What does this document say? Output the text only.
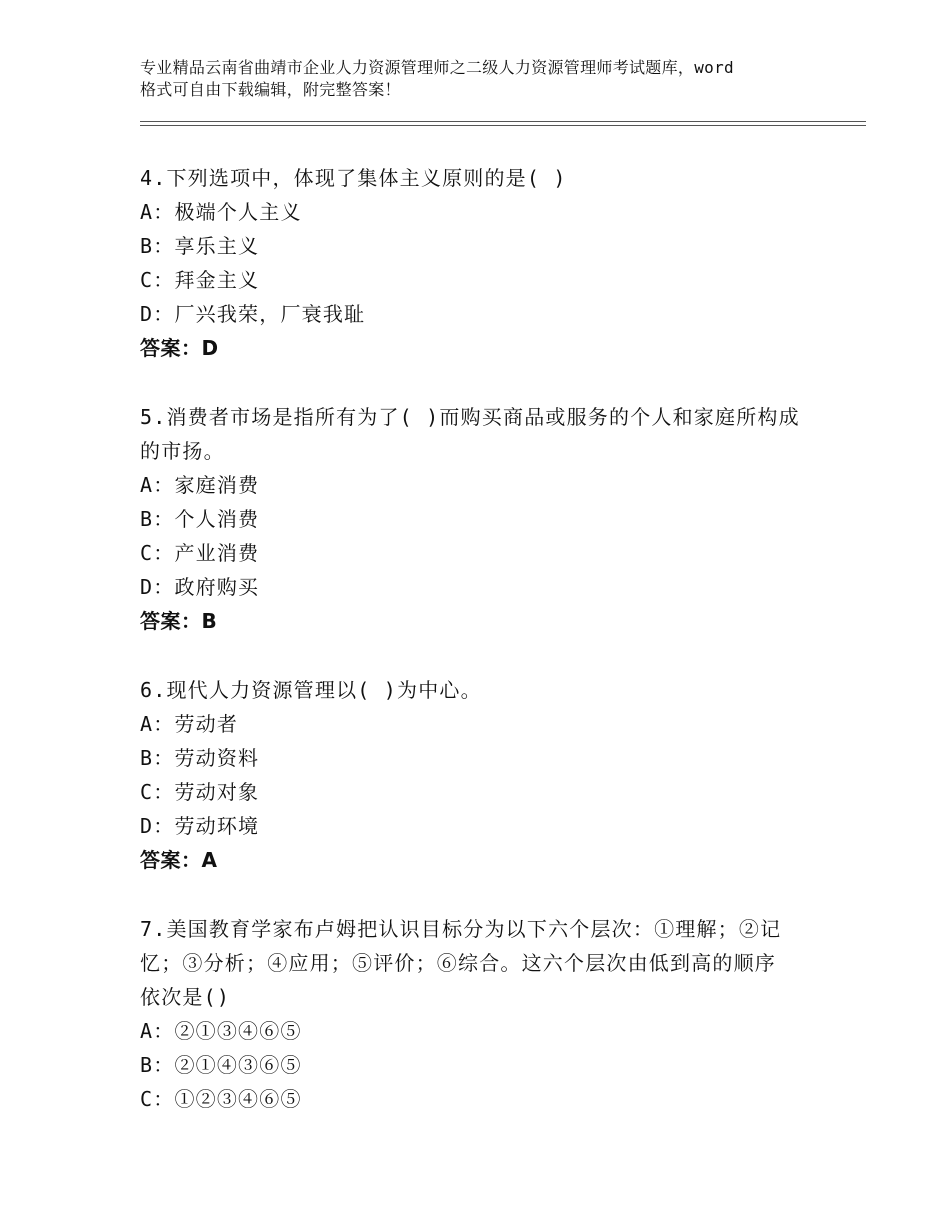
专业精品云南省曲靖市企业人力资源管理师之二级人力资源管理师考试题库，word
格式可自由下载编辑，附完整答案！
4.下列选项中，体现了集体主义原则的是( )
A：极端个人主义
B：享乐主义
C：拜金主义
D：厂兴我荣，厂衰我耻
答案：D
5.消费者市场是指所有为了( )而购买商品或服务的个人和家庭所构成
的市扬。
A：家庭消费
B：个人消费
C：产业消费
D：政府购买
答案：B
6.现代人力资源管理以( )为中心。
A：劳动者
B：劳动资料
C：劳动对象
D：劳动环境
答案：A
7.美国教育学家布卢姆把认识目标分为以下六个层次：①理解；②记
忆；③分析；④应用；⑤评价；⑥综合。这六个层次由低到高的顺序
依次是()
A：②①③④⑥⑤
B：②①④③⑥⑤
C：①②③④⑥⑤
